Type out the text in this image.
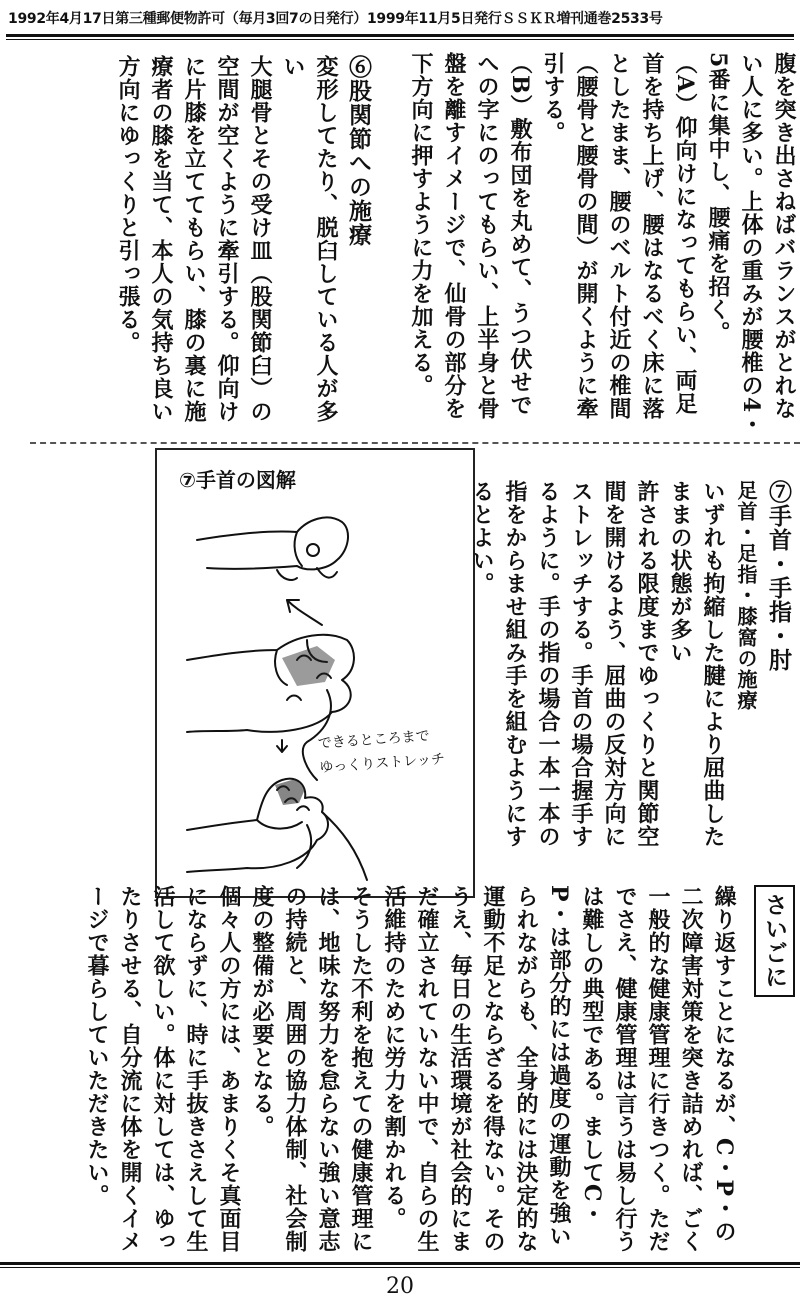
1992年4月17日第三種郵便物許可（毎月3回7の日発行）1999年11月5日発行ＳＳＫＲ増刊通巻2533号

腹を突き出さねばバランスがとれない人に多い。上体の重みが腰椎の4・5番に集中し、腰痛を招く。

（A）仰向けになってもらい、両足首を持ち上げ、腰はなるべく床に落としたまま、腰のベルト付近の椎間（腰骨と腰骨の間）が開くように牽引する。

（B）敷布団を丸めて、うつ伏せでへの字にのってもらい、上半身と骨盤を離すイメージで、仙骨の部分を下方向に押すように力を加える。

⑥股関節への施療

変形してたり、脱臼している人が多い

大腿骨とその受け皿（股関節臼）の空間が空くように牽引する。仰向けに片膝を立ててもらい、膝の裏に施療者の膝を当て、本人の気持ち良い方向にゆっくりと引っ張る。

⑦手首の図解
できるところまで
ゆっくりストレッチ

⑦手首・手指・肘

足首・足指・膝窩の施療

いずれも拘縮した腱により屈曲したままの状態が多い

許される限度までゆっくりと関節空間を開けるよう、屈曲の反対方向にストレッチする。手首の場合握手するように。手の指の場合一本一本の指をからませ組み手を組むようにするとよい。

さいごに

繰り返すことになるが、C・P・の二次障害対策を突き詰めれば、ごく一般的な健康管理に行きつく。ただでさえ、健康管理は言うは易し行うは難しの典型である。ましてC・P・は部分的には過度の運動を強いられながらも、全身的には決定的な運動不足とならざるを得ない。そのうえ、毎日の生活環境が社会的にまだ確立されていない中で、自らの生活維持のために労力を割かれる。

そうした不利を抱えての健康管理には、地味な努力を怠らない強い意志の持続と、周囲の協力体制、社会制度の整備が必要となる。

個々人の方には、あまりくそ真面目にならずに、時に手抜きさえして生活して欲しい。体に対しては、ゆったりさせる、自分流に体を開くイメージで暮らしていただきたい。

20
